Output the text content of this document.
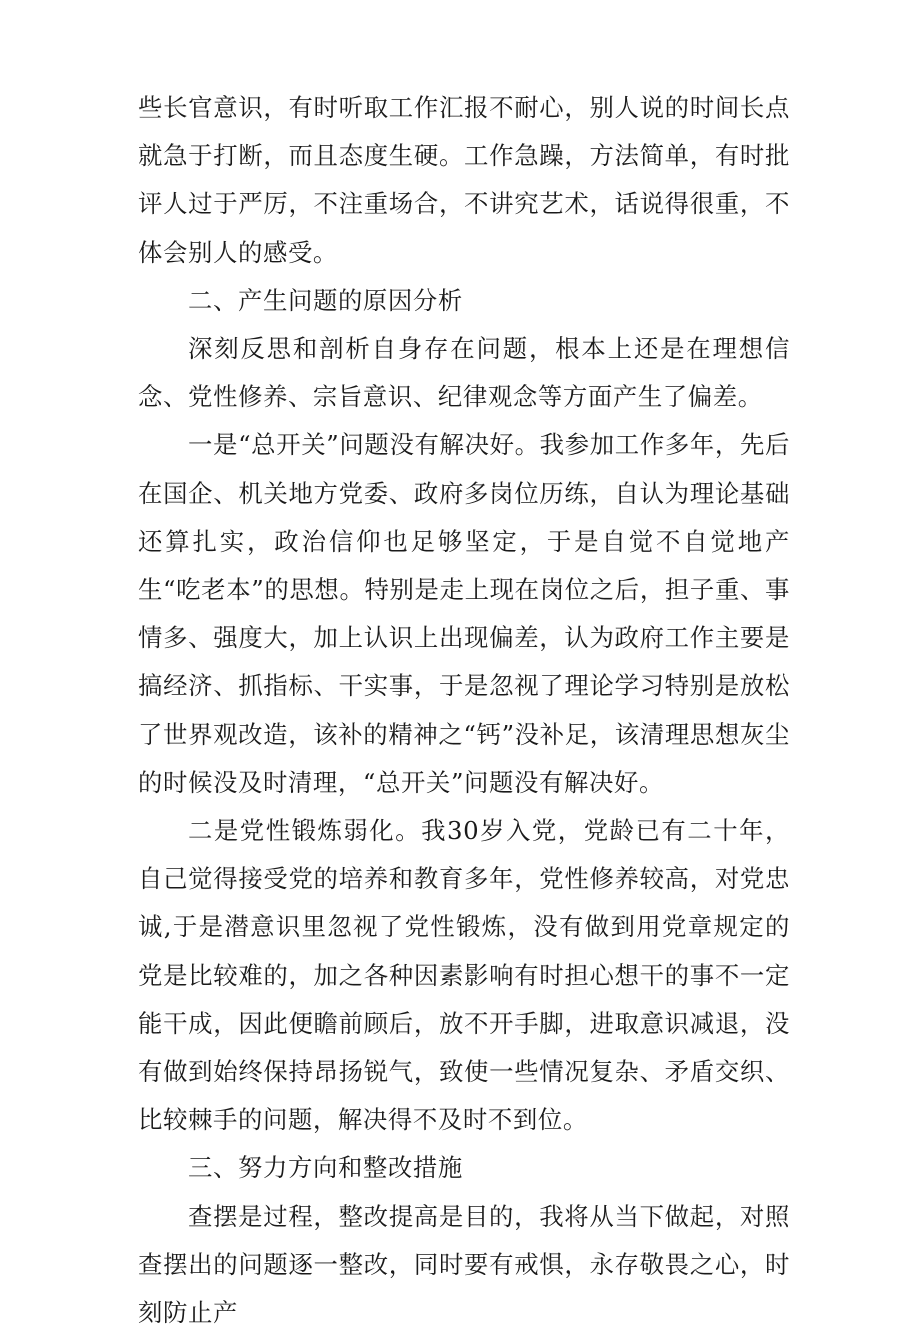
些长官意识，有时听取工作汇报不耐心，别人说的时间长点就急于打断，而且态度生硬。工作急躁，方法简单，有时批评人过于严厉，不注重场合，不讲究艺术，话说得很重，不体会别人的感受。

二、产生问题的原因分析

深刻反思和剖析自身存在问题，根本上还是在理想信念、党性修养、宗旨意识、纪律观念等方面产生了偏差。

一是“总开关”问题没有解决好。我参加工作多年，先后在国企、机关地方党委、政府多岗位历练，自认为理论基础还算扎实，政治信仰也足够坚定，于是自觉不自觉地产生“吃老本”的思想。特别是走上现在岗位之后，担子重、事情多、强度大，加上认识上出现偏差，认为政府工作主要是搞经济、抓指标、干实事，于是忽视了理论学习特别是放松了世界观改造，该补的精神之“钙”没补足，该清理思想灰尘的时候没及时清理，“总开关”问题没有解决好。

二是党性锻炼弱化。我30岁入党，党龄已有二十年，自己觉得接受党的培养和教育多年，党性修养较高，对党忠诚,于是潜意识里忽视了党性锻炼，没有做到用党章规定的党是比较难的，加之各种因素影响有时担心想干的事不一定能干成，因此便瞻前顾后，放不开手脚，进取意识减退，没有做到始终保持昂扬锐气，致使一些情况复杂、矛盾交织、比较棘手的问题，解决得不及时不到位。

三、努力方向和整改措施

查摆是过程，整改提高是目的，我将从当下做起，对照查摆出的问题逐一整改，同时要有戒惧，永存敬畏之心，时刻防止产
